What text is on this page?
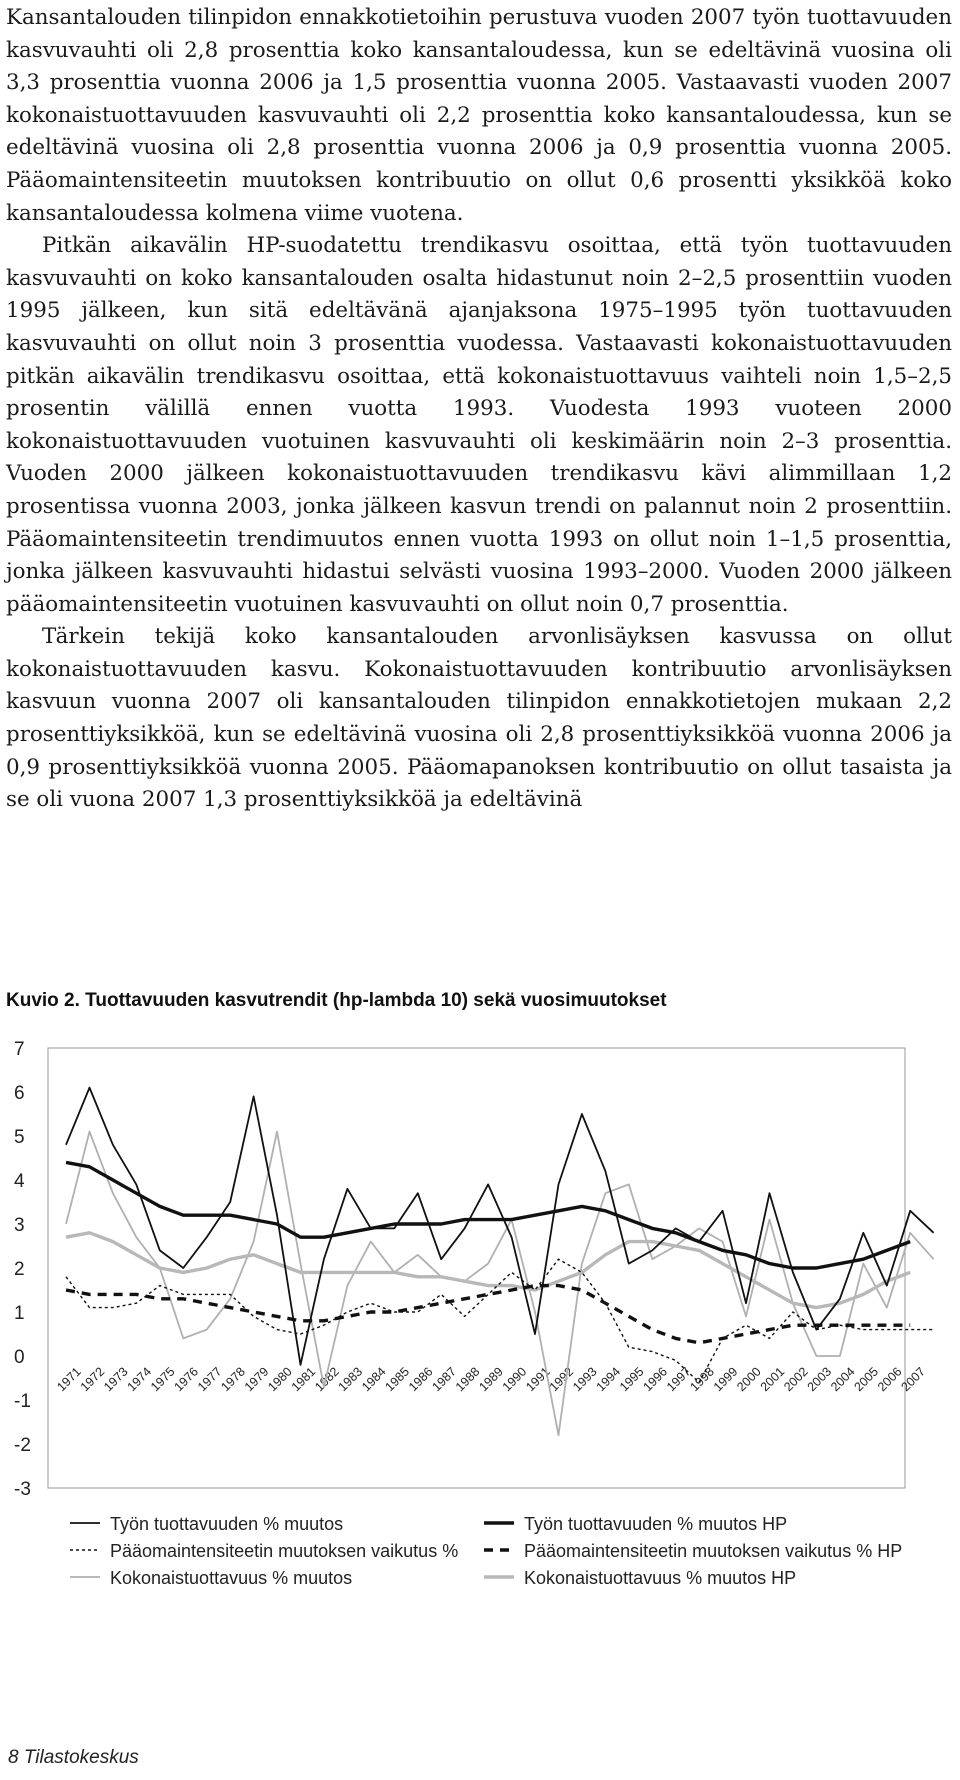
Kansantalouden tilinpidon ennakkotietoihin perustuva vuoden 2007 työn tuottavuuden kasvuvauhti oli 2,8 prosenttia koko kansantaloudessa, kun se edeltävinä vuosina oli 3,3 prosenttia vuonna 2006 ja 1,5 prosenttia vuonna 2005. Vastaavasti vuoden 2007 kokonaistuottavuuden kasvuvauhti oli 2,2 prosenttia koko kansantaloudessa, kun se edeltävinä vuosina oli 2,8 prosenttia vuonna 2006 ja 0,9 prosenttia vuonna 2005. Pääomaintensiteetin muutoksen kontribuutio on ollut 0,6 prosentti yksikköä koko kansantaloudessa kolmena viime vuotena.

Pitkän aikavälin HP-suodatettu trendikasvu osoittaa, että työn tuottavuuden kasvuvauhti on koko kansantalouden osalta hidastunut noin 2–2,5 prosenttiin vuoden 1995 jälkeen, kun sitä edeltävänä ajanjaksona 1975–1995 työn tuottavuuden kasvuvauhti on ollut noin 3 prosenttia vuodessa. Vastaavasti kokonaistuottavuuden pitkän aikavälin trendikasvu osoittaa, että kokonaistuottavuus vaihteli noin 1,5–2,5 prosentin välillä ennen vuotta 1993. Vuodesta 1993 vuoteen 2000 kokonaistuottavuuden vuotuinen kasvuvauhti oli keskimäärin noin 2–3 prosenttia. Vuoden 2000 jälkeen kokonaistuottavuuden trendikasvu kävi alimmillaan 1,2 prosentissa vuonna 2003, jonka jälkeen kasvun trendi on palannut noin 2 prosenttiin. Pääomaintensiteetin trendimuutos ennen vuotta 1993 on ollut noin 1–1,5 prosenttia, jonka jälkeen kasvuvauhti hidastui selvästi vuosina 1993–2000. Vuoden 2000 jälkeen pääomaintensiteetin vuotuinen kasvuvauhti on ollut noin 0,7 prosenttia.

Tärkein tekijä koko kansantalouden arvonlisäyksen kasvussa on ollut kokonaistuottavuuden kasvu. Kokonaistuottavuuden kontribuutio arvonlisäyksen kasvuun vuonna 2007 oli kansantalouden tilinpidon ennakkotietojen mukaan 2,2 prosenttiyksikköä, kun se edeltävinä vuosina oli 2,8 prosenttiyksikköä vuonna 2006 ja 0,9 prosenttiyksikköä vuonna 2005. Pääomapanoksen kontribuutio on ollut tasaista ja se oli vuona 2007 1,3 prosenttiyksikköä ja edeltävinä

Kuvio 2. Tuottavuuden kasvutrendit (hp-lambda 10) sekä vuosimuutokset
7
6
5
4
3
2
1
0
-1
-2
-3
1971
1972
1973
1974
1975
1976
1977
1978
1979
1980
1981
1982
1983
1984
1985
1986
1987
1988
1989
1990
1991
1992
1993
1994
1995
1996
1997
1998
1999
2000
2001
2002
2003
2004
2005
2006
2007
Työn tuottavuuden % muutos	Työn tuottavuuden % muutos HP
Pääomaintensiteetin muutoksen vaikutus %	Pääomaintensiteetin muutoksen vaikutus % HP
Kokonaistuottavuus % muutos	Kokonaistuottavuus % muutos HP
8 Tilastokeskus
